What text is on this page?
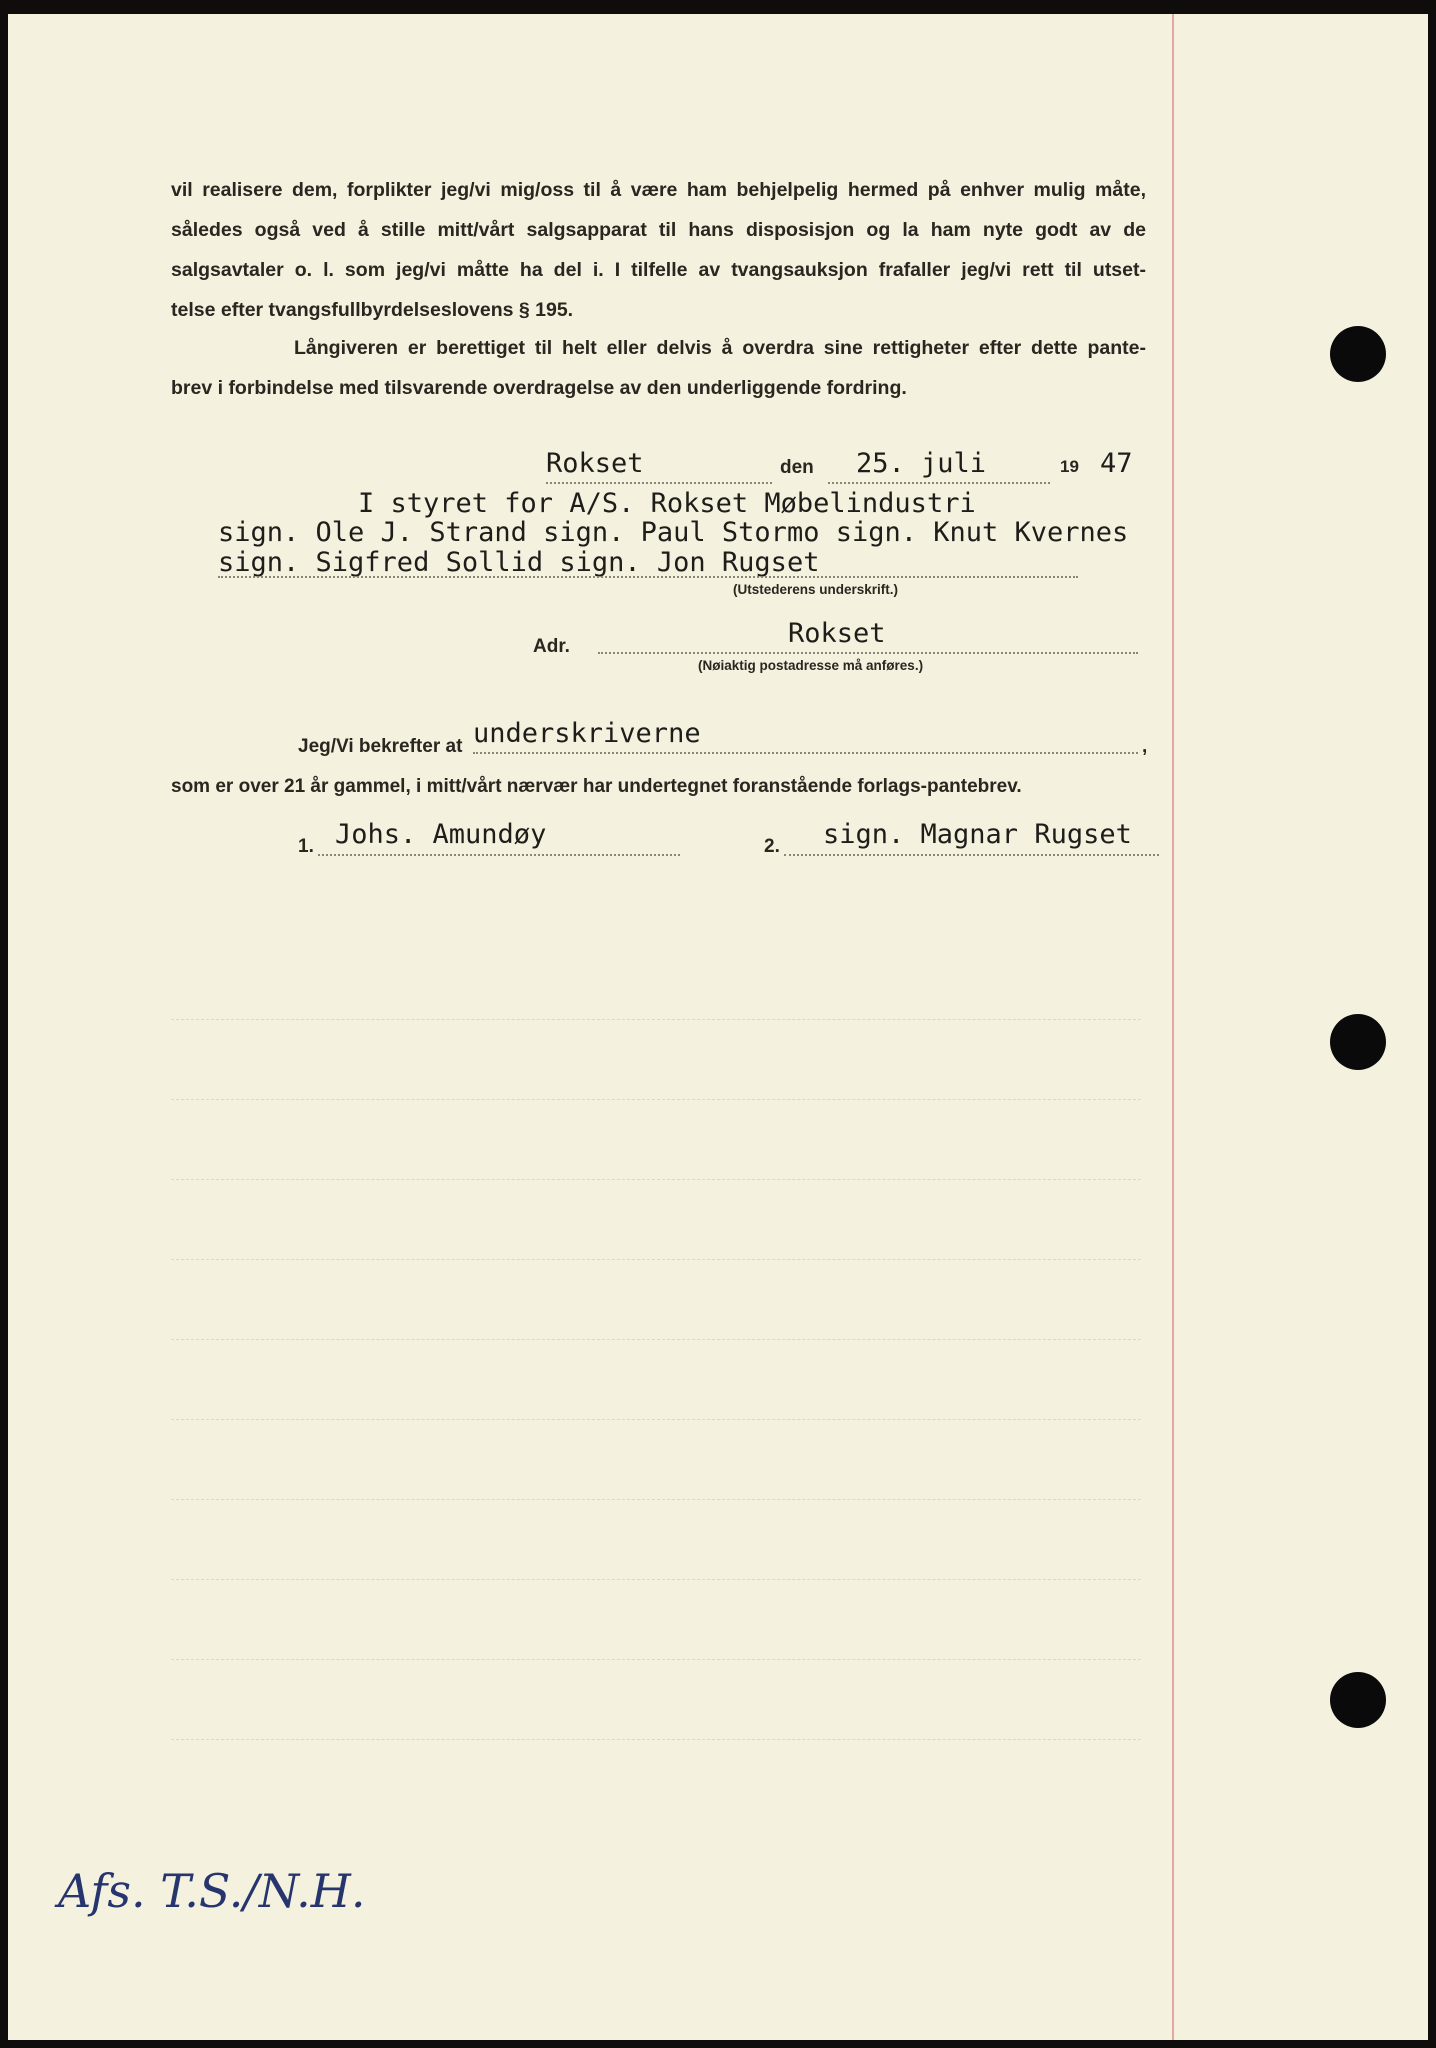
vil realisere dem, forplikter jeg/vi mig/oss til å være ham behjelpelig hermed på enhver mulig måte,
således også ved å stille mitt/vårt salgsapparat til hans disposisjon og la ham nyte godt av de
salgsavtaler o. l. som jeg/vi måtte ha del i. I tilfelle av tvangsauksjon frafaller jeg/vi rett til utset-
telse efter tvangsfullbyrdelseslovens § 195.
Långiveren er berettiget til helt eller delvis å overdra sine rettigheter efter dette pante-
brev i forbindelse med tilsvarende overdragelse av den underliggende fordring.
Rokset	den 25. juli	19 47
I styret for A/S. Rokset Møbelindustri
sign. Ole J. Strand sign. Paul Stormo sign. Knut Kvernes
sign. Sigfred Sollid sign. Jon Rugset
(Utstederens underskrift.)
Adr.	Rokset
(Nøiaktig postadresse må anføres.)
Jeg/Vi bekrefter at underskriverne	,
som er over 21 år gammel, i mitt/vårt nærvær har undertegnet foranstående forlags-pantebrev.
1. Johs. Amundøy	2. sign. Magnar Rugset
Afs. T.S./N.H.
